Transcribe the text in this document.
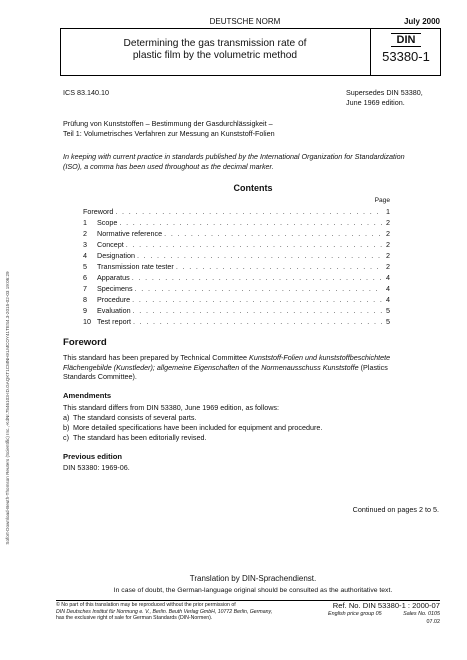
Sofort-Download-Beuth-Thomson Reuters (Scientific) Inc.,-KdNr.7546103-ID.GAQKT1CMNHXLMCOY41TES4.3-2015-02-03 19:06:29
DEUTSCHE NORM	July 2000
Determining the gas transmission rate of
plastic film by the volumetric method
DIN
53380-1
ICS 83.140.10	Supersedes DIN 53380,
June 1969 edition.
Prüfung von Kunststoffen – Bestimmung der Gasdurchlässigkeit –
Teil 1: Volumetrisches Verfahren zur Messung an Kunststoff-Folien
In keeping with current practice in standards published by the International Organization for Standardization
(ISO), a comma has been used throughout as the decimal marker.
Contents
Page
Foreword . . .	1
1	Scope . . .	2
2	Normative reference . . .	2
3	Concept . . .	2
4	Designation . . .	2
5	Transmission rate tester . . .	2
6	Apparatus . . .	4
7	Specimens . . .	4
8	Procedure . . .	4
9	Evaluation . . .	5
10 Test report . . .	5
Foreword
This standard has been prepared by Technical Committee Kunststoff-Folien und kunststoffbeschichtete
Flächengebilde (Kunstleder); allgemeine Eigenschaften of the Normenausschuss Kunststoffe (Plastics
Standards Committee).
Amendments
This standard differs from DIN 53380, June 1969 edition, as follows:
a) The standard consists of several parts.
b) More detailed specifications have been included for equipment and procedure.
c) The standard has been editorially revised.
Previous edition
DIN 53380: 1969-06.
Continued on pages 2 to 5.
Translation by DIN-Sprachendienst.
In case of doubt, the German-language original should be consulted as the authoritative text.
© No part of this translation may be reproduced without the prior permission of
DIN Deutsches Institut für Normung e. V., Berlin. Beuth Verlag GmbH, 10772 Berlin, Germany,
has the exclusive right of sale for German Standards (DIN-Normen).
Ref. No. DIN 53380-1 : 2000-07
English price group 05	Sales No. 0105
07.02
